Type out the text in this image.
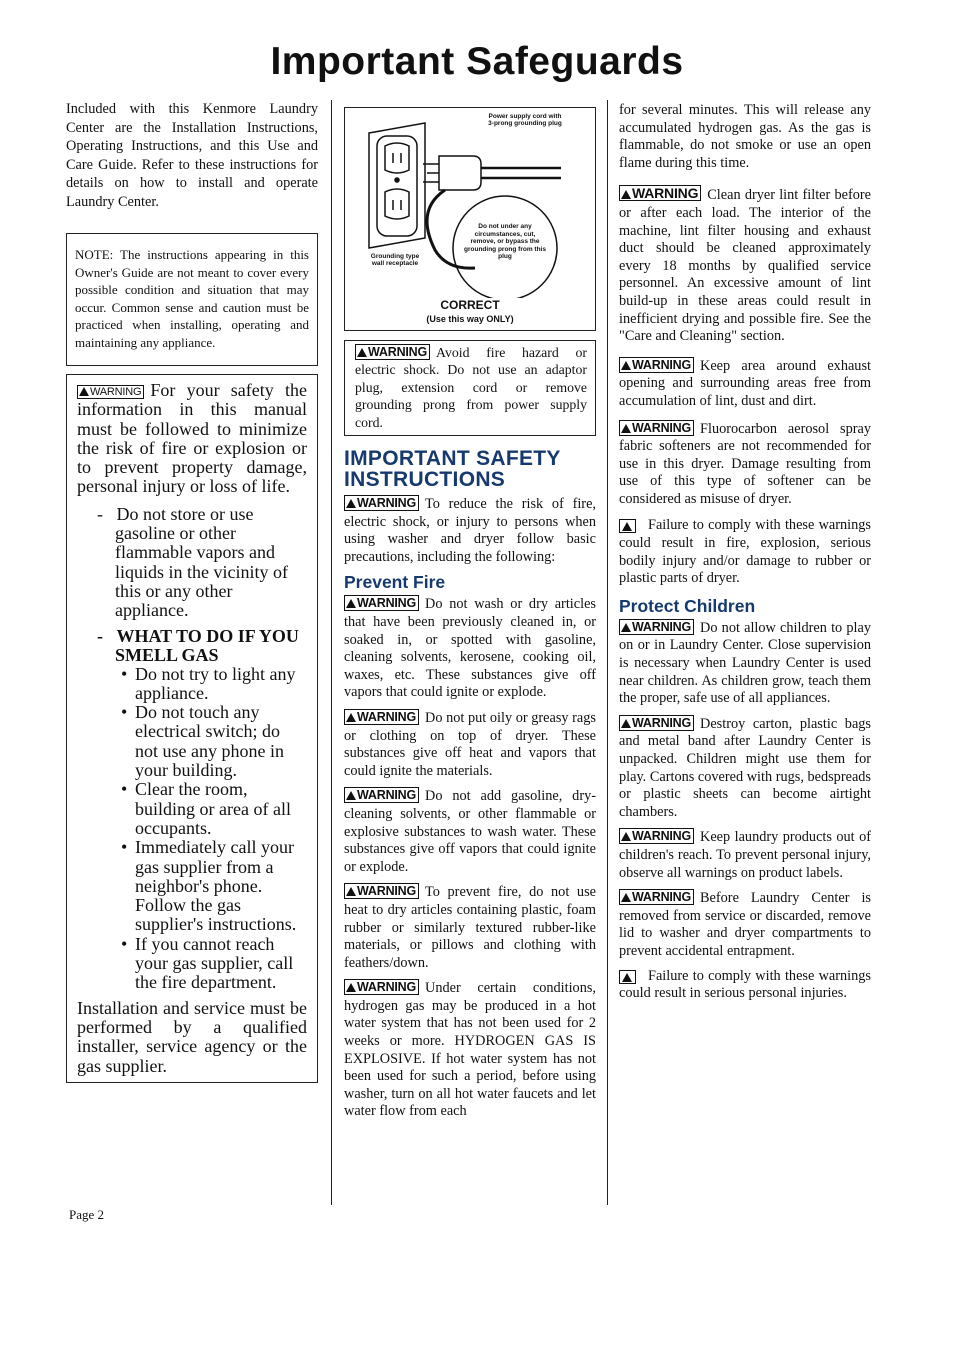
Important Safeguards

Included with this Kenmore Laundry Center are the Installation Instructions, Operating Instructions, and this Use and Care Guide. Refer to these instructions for details on how to install and operate Laundry Center.

NOTE: The instructions appearing in this Owner's Guide are not meant to cover every possible condition and situation that may occur. Common sense and caution must be practiced when installing, operating and maintaining any appliance.

WARNING For your safety the information in this manual must be followed to minimize the risk of fire or explosion or to prevent property damage, personal injury or loss of life.

-   Do not store or use gasoline or other flammable vapors and liquids in the vicinity of this or any other appliance.

-   WHAT TO DO IF YOU SMELL GAS

• Do not try to light any appliance.
• Do not touch any electrical switch; do not use any phone in your building.
• Clear the room, building or area of all occupants.
• Immediately call your gas supplier from a neighbor's phone. Follow the gas supplier's instructions.
• If you cannot reach your gas supplier, call the fire department.

Installation and service must be performed by a qualified installer, service agency or the gas supplier.

Power supply cord with 3-prong grounding plug
Grounding type wall receptacle
Do not under any circumstances, cut, remove, or bypass the grounding prong from this plug
CORRECT
(Use this way ONLY)

WARNING Avoid fire hazard or electric shock. Do not use an adaptor plug, extension cord or remove grounding prong from power supply cord.

IMPORTANT SAFETY INSTRUCTIONS

WARNING To reduce the risk of fire, electric shock, or injury to persons when using washer and dryer follow basic precautions, including the following:

Prevent Fire

WARNING Do not wash or dry articles that have been previously cleaned in, or soaked in, or spotted with gasoline, cleaning solvents, kerosene, cooking oil, waxes, etc. These substances give off vapors that could ignite or explode.

WARNING Do not put oily or greasy rags or clothing on top of dryer. These substances give off heat and vapors that could ignite the materials.

WARNING Do not add gasoline, dry-cleaning solvents, or other flammable or explosive substances to wash water. These substances give off vapors that could ignite or explode.

WARNING To prevent fire, do not use heat to dry articles containing plastic, foam rubber or similarly textured rubber-like materials, or pillows and clothing with feathers/down.

WARNING Under certain conditions, hydrogen gas may be produced in a hot water system that has not been used for 2 weeks or more. HYDROGEN GAS IS EXPLOSIVE. If hot water system has not been used for such a period, before using washer, turn on all hot water faucets and let water flow from each

for several minutes. This will release any accumulated hydrogen gas. As the gas is flammable, do not smoke or use an open flame during this time.

WARNING Clean dryer lint filter before or after each load. The interior of the machine, lint filter housing and exhaust duct should be cleaned approximately every 18 months by qualified service personnel. An excessive amount of lint build-up in these areas could result in inefficient drying and possible fire. See the "Care and Cleaning" section.

WARNING Keep area around exhaust opening and surrounding areas free from accumulation of lint, dust and dirt.

WARNING Fluorocarbon aerosol spray fabric softeners are not recommended for use in this dryer. Damage resulting from use of this type of softener can be considered as misuse of dryer.

Failure to comply with these warnings could result in fire, explosion, serious bodily injury and/or damage to rubber or plastic parts of dryer.

Protect Children

WARNING Do not allow children to play on or in Laundry Center. Close supervision is necessary when Laundry Center is used near children. As children grow, teach them the proper, safe use of all appliances.

WARNING Destroy carton, plastic bags and metal band after Laundry Center is unpacked. Children might use them for play. Cartons covered with rugs, bedspreads or plastic sheets can become airtight chambers.

WARNING Keep laundry products out of children's reach. To prevent personal injury, observe all warnings on product labels.

WARNING Before Laundry Center is removed from service or discarded, remove lid to washer and dryer compartments to prevent accidental entrapment.

Failure to comply with these warnings could result in serious personal injuries.

Page 2
